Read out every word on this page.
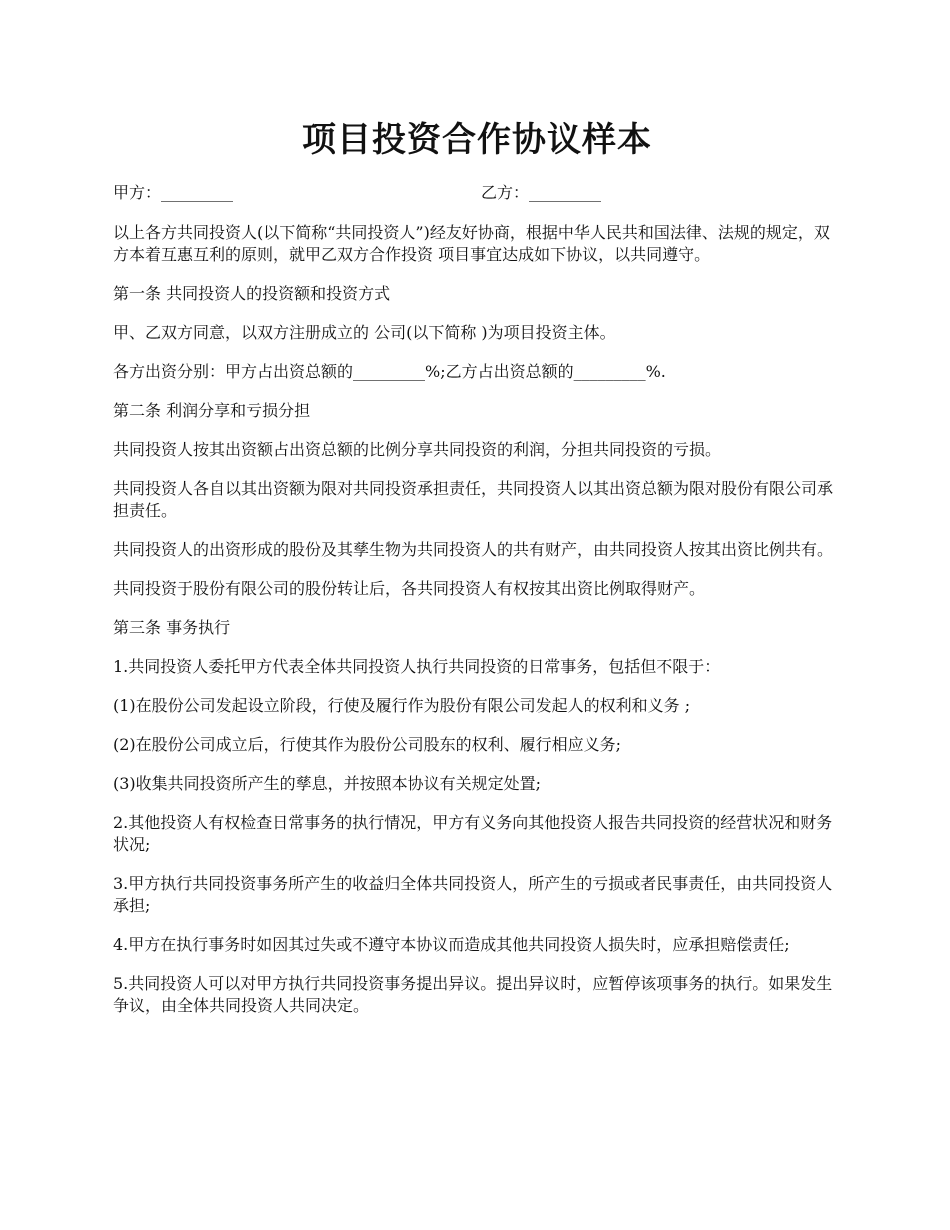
项目投资合作协议样本
甲方：_________	乙方：_________

以上各方共同投资人(以下简称“共同投资人”)经友好协商，根据中华人民共和国法律、法规的规定，双方本着互惠互利的原则，就甲乙双方合作投资 项目事宜达成如下协议，以共同遵守。

第一条 共同投资人的投资额和投资方式

甲、乙双方同意，以双方注册成立的 公司(以下简称 )为项目投资主体。

各方出资分别：甲方占出资总额的_________%;乙方占出资总额的_________%.

第二条 利润分享和亏损分担

共同投资人按其出资额占出资总额的比例分享共同投资的利润，分担共同投资的亏损。

共同投资人各自以其出资额为限对共同投资承担责任，共同投资人以其出资总额为限对股份有限公司承担责任。

共同投资人的出资形成的股份及其孳生物为共同投资人的共有财产，由共同投资人按其出资比例共有。

共同投资于股份有限公司的股份转让后，各共同投资人有权按其出资比例取得财产。

第三条 事务执行

1.共同投资人委托甲方代表全体共同投资人执行共同投资的日常事务，包括但不限于：

(1)在股份公司发起设立阶段，行使及履行作为股份有限公司发起人的权利和义务 ;

(2)在股份公司成立后，行使其作为股份公司股东的权利、履行相应义务;

(3)收集共同投资所产生的孳息，并按照本协议有关规定处置;

2.其他投资人有权检查日常事务的执行情况，甲方有义务向其他投资人报告共同投资的经营状况和财务状况;

3.甲方执行共同投资事务所产生的收益归全体共同投资人，所产生的亏损或者民事责任，由共同投资人承担;

4.甲方在执行事务时如因其过失或不遵守本协议而造成其他共同投资人损失时，应承担赔偿责任;

5.共同投资人可以对甲方执行共同投资事务提出异议。提出异议时，应暂停该项事务的执行。如果发生争议，由全体共同投资人共同决定。
